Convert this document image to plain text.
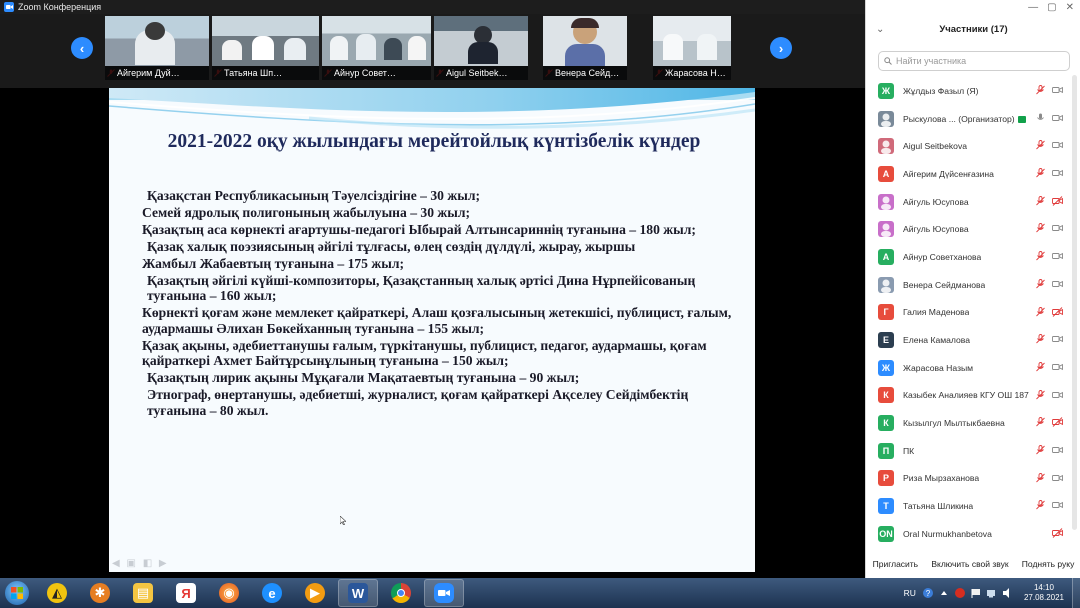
Zoom Конференция
‹
Айгерим Дуй…	Татьяна Шп…	Айнур Совет…	Aigul Seitbek…	Венера Сейд…	Жарасова Н…
›
2021-2022 оқу жылындағы мерейтойлық күнтізбелік күндер
Қазақстан Республикасының Тәуелсіздігіне – 30 жыл;
Семей ядролық полигонының жабылуына – 30 жыл;
Қазақтың аса көрнекті ағартушы-педагогі Ыбырай Алтынсариннің туғанына – 180 жыл;
Қазақ халық поэзиясының әйгілі тұлғасы, өлең сөздің дүлдүлі, жырау, жыршы
Жамбыл Жабаевтың туғанына – 175 жыл;
Қазақтың әйгілі күйші-композиторы, Қазақстанның халық әртісі Дина Нұрпейісованың туғанына – 160 жыл;
Көрнекті қоғам және мемлекет қайраткері, Алаш қозғалысының жетекшісі, публицист, ғалым, аудармашы Әлихан Бөкейханның туғанына – 155 жыл;
Қазақ ақыны, әдебиеттанушы ғалым, түркітанушы, публицист, педагог, аудармашы, қоғам қайраткері Ахмет Байтұрсынұлының туғанына – 150 жыл;
Қазақтың лирик ақыны Мұқағали Мақатаевтың туғанына – 90 жыл;
Этнограф, өнертанушы, әдебиетші, журналист, қоғам қайраткері Ақселеу Сейдімбектің туғанына – 80 жыл.
◀ ▣ ◧ ▶
— ▢ ✕
⌄	Участники (17)
Найти участника
Ж	Жұлдыз Фазыл (Я)
Рыскулова ... (Организатор)
Aigul Seitbekova
А	Айгерим Дүйсенғазина
Айгуль Юсупова
Айгуль Юсупова
А	Айнур Советханова
Венера Сейдманова
Г	Галия Маденова
Е	Елена Камалова
Ж	Жарасова Назым
К	Казыбек Аналияев КГУ ОШ 187
К	Кызылгул Мылтыкбаевна
П	ПК
Р	Риза Мырзаханова
Т	Татьяна Шликина
ON Oral Nurmukhanbetova
Пригласить Включить свой звук Поднять руку
◭	✱	▤	Я	◉	e	▶	W	RU ?
14:10
27.08.2021
